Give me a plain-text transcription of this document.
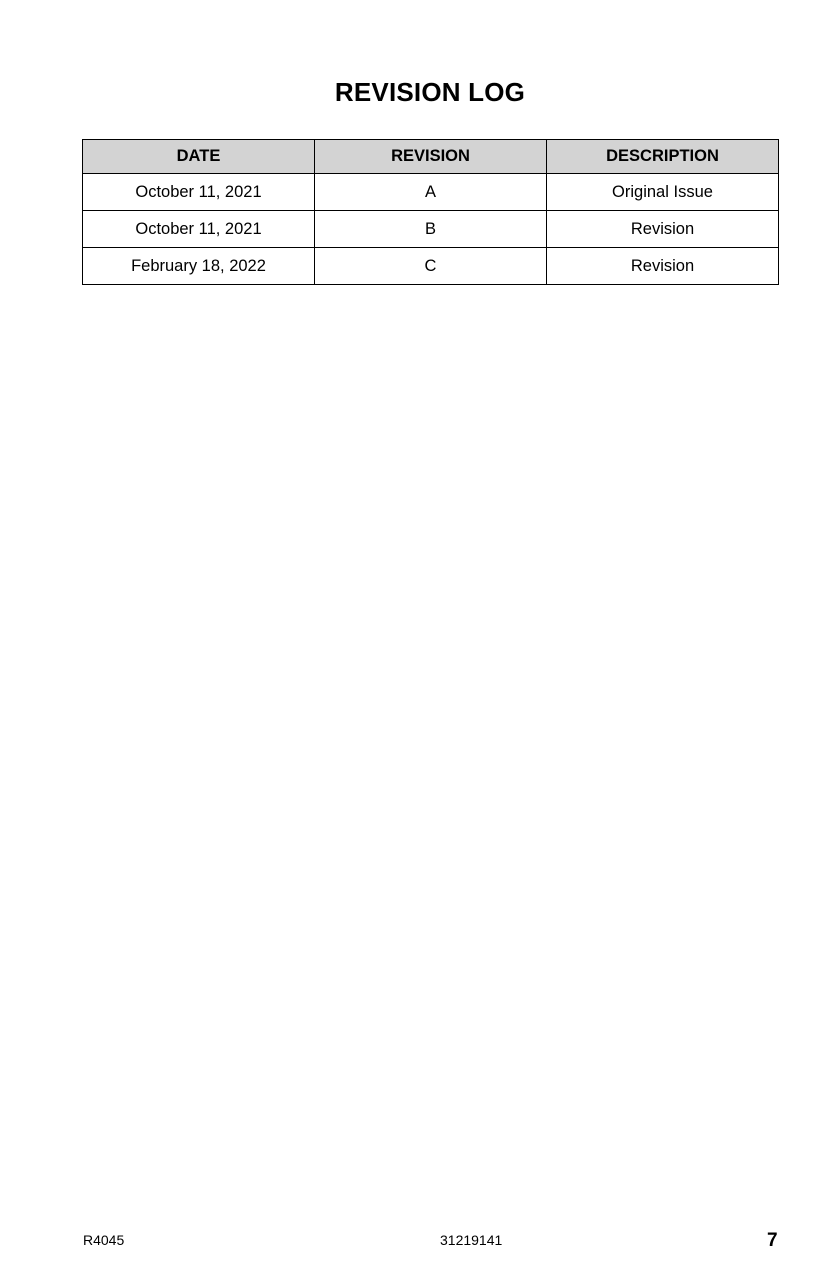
REVISION LOG
DATE	REVISION	DESCRIPTION
October 11, 2021	A	Original Issue
October 11, 2021	B	Revision
February 18, 2022	C	Revision
R4045	31219141	7
